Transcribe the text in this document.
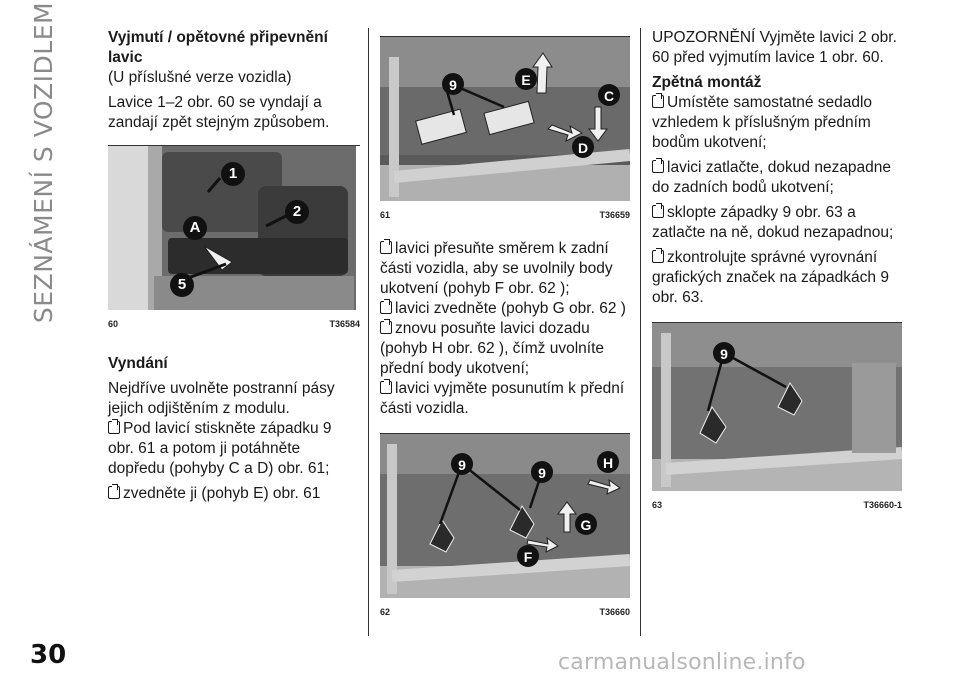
SEZNÁMENÍ S VOZIDLEM
30	carmanualsonline.info

Vyjmutí / opětovné připevnění lavic

(U příslušné verze vozidla)

Lavice 1–2 obr. 60 se vyndají a zandají zpět stejným způsobem.

1
2
A
5
60	T36584

Vyndání

Nejdříve uvolněte postranní pásy jejich odjištěním z modulu.

Pod lavicí stiskněte západku 9 obr. 61 a potom ji potáhněte dopředu (pohyby C a D) obr. 61;

zvedněte ji (pohyb E) obr. 61

9	E
C
D
61	T36659

lavici přesuňte směrem k zadní části vozidla, aby se uvolnily body ukotvení (pohyb F obr. 62 );

lavici zvedněte (pohyb G obr. 62 )

znovu posuňte lavici dozadu (pohyb H obr. 62 ), čímž uvolníte přední body ukotvení;

lavici vyjměte posunutím k přední části vozidla.

9	9
H
G
F
62	T36660

UPOZORNĚNÍ Vyjměte lavici 2 obr. 60 před vyjmutím lavice 1 obr. 60.

Zpětná montáž

Umístěte samostatné sedadlo vzhledem k příslušným předním bodům ukotvení;

lavici zatlačte, dokud nezapadne do zadních bodů ukotvení;

sklopte západky 9 obr. 63 a zatlačte na ně, dokud nezapadnou;

zkontrolujte správné vyrovnání grafických značek na západkách 9 obr. 63.

9
63	T36660-1
